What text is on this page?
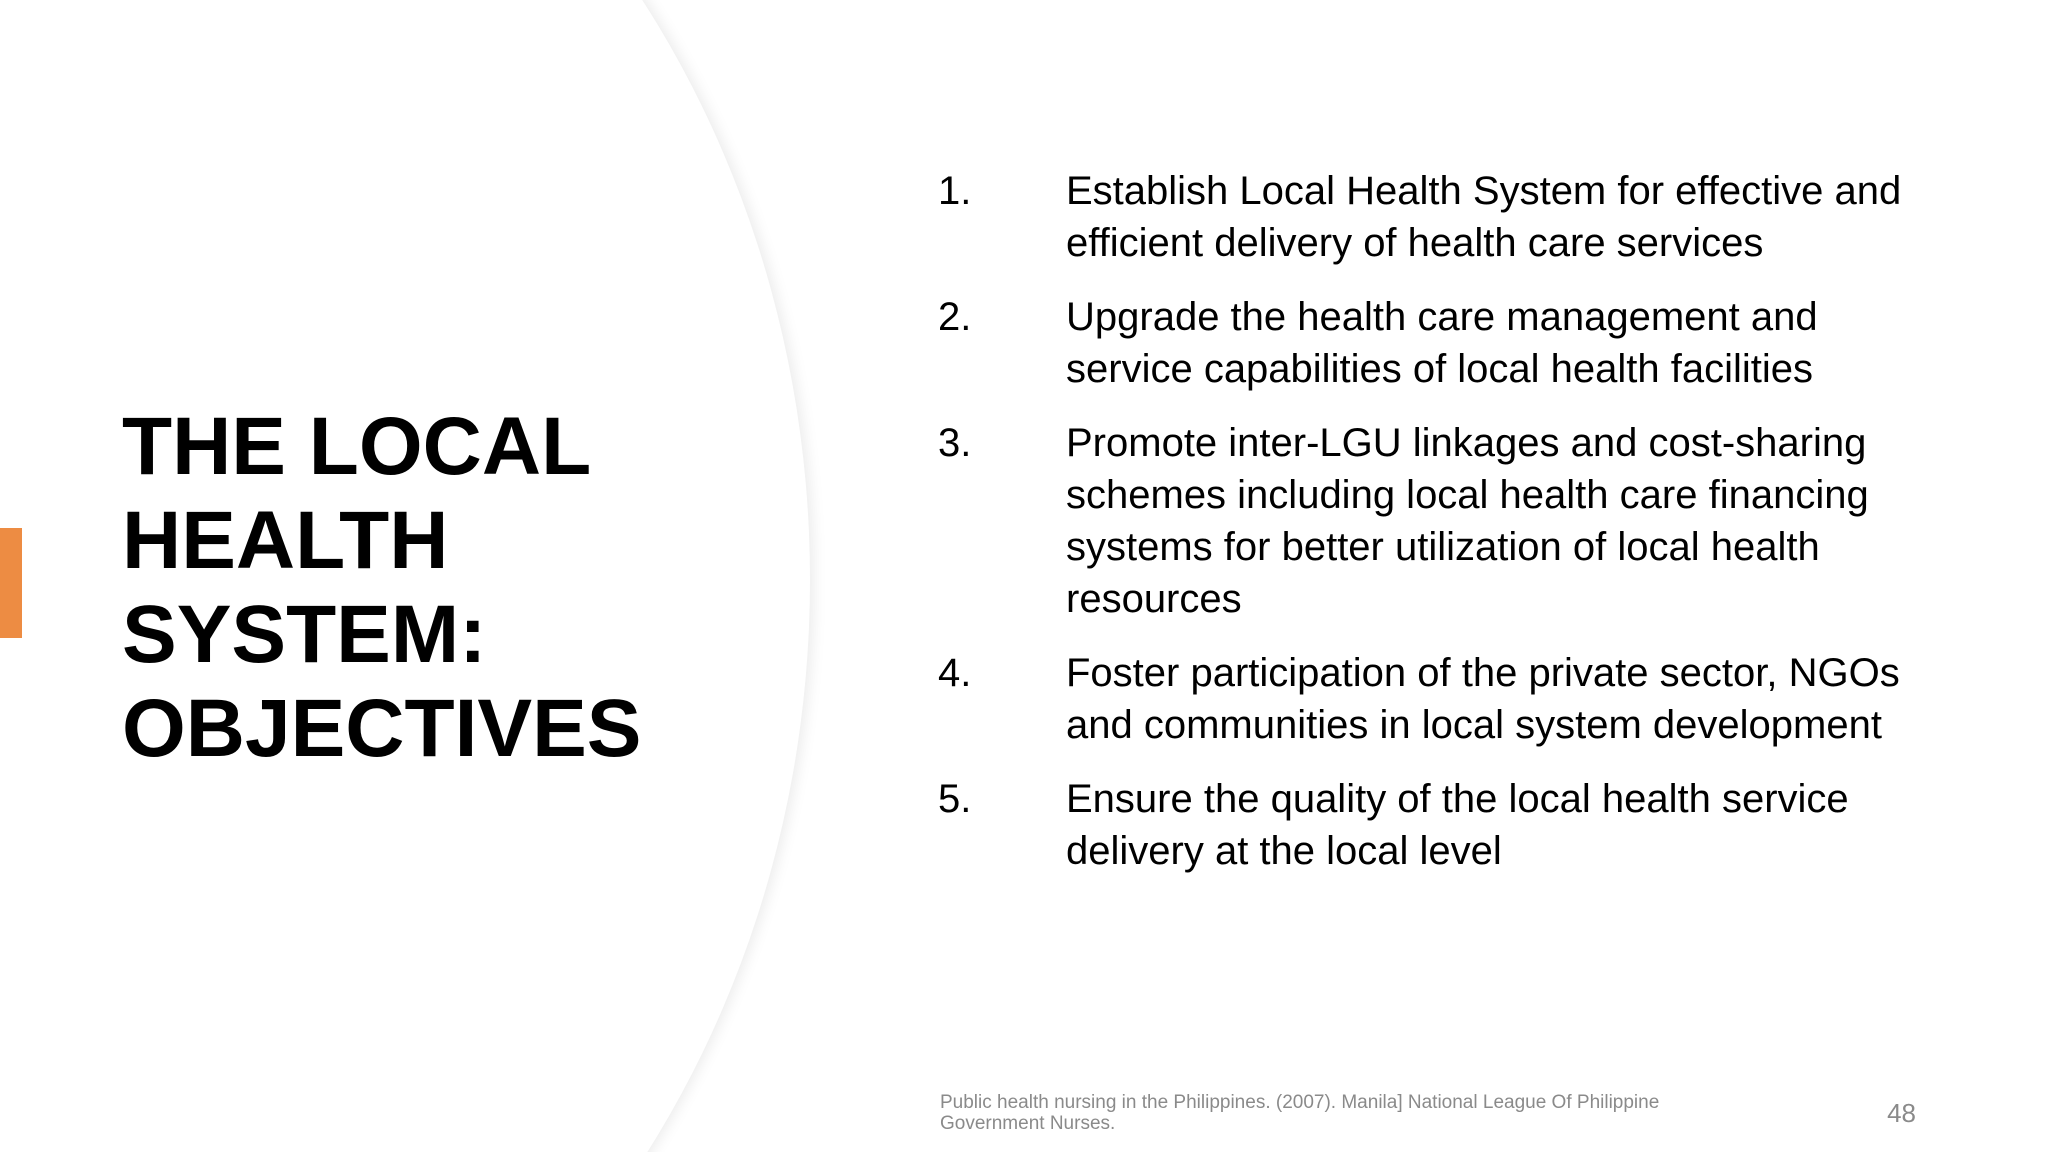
THE LOCAL HEALTH SYSTEM: OBJECTIVES
1.	Establish Local Health System for effective and efficient delivery of health care services
2.	Upgrade the health care management and service capabilities of local health facilities
3.	Promote inter-LGU linkages and cost-sharing schemes including local health care financing systems for better utilization of local health resources
4.	Foster participation of the private sector, NGOs and communities in local system development
5.	Ensure the quality of the local health service delivery at the local level
Public health nursing in the Philippines. (2007). Manila] National League Of Philippine Government Nurses.	48
